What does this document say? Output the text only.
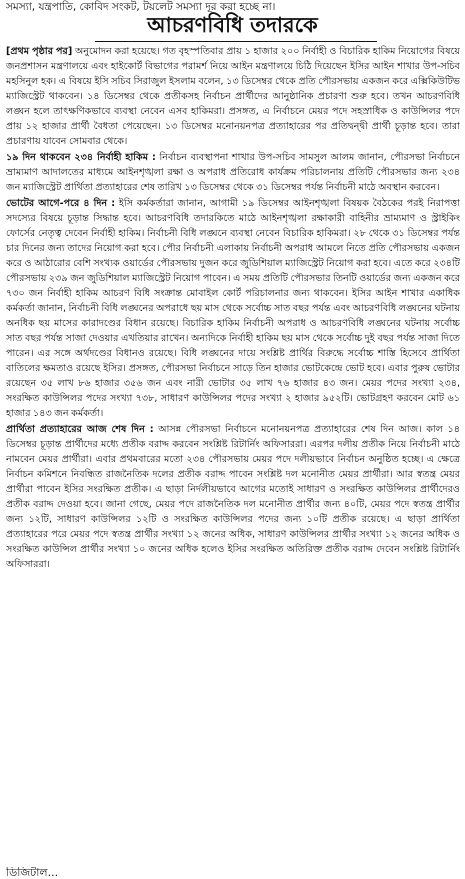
সমস্যা, যন্ত্রপাতি, কোবিদ সংকট, টয়লেট সমস্যা দূর করা হচ্ছে না।
আচরণবিধি তদারকে

[প্রথম পৃষ্ঠার পর] অনুমোদন করা হয়েছে। গত বৃহস্পতিবার প্রায় ১ হাজার ২০০ নির্বাহী ও বিচারিক হাকিম নিয়োগের বিষয়ে জনপ্রশাসন মন্ত্রণালয়ে এবং হাইকোর্ট বিভাগের পরামর্শ নিয়ে আইন মন্ত্রণালয়ে চিঠি দিয়েছেন ইসির আইন শাখার উপ-সচিব মহসিনুল হক। এ বিষয়ে ইসি সচিব সিরাজুল ইসলাম বলেন, ১৩ ডিসেম্বর থেকে প্রতি পৌরসভায় একজন করে এক্সিকিউটিভ ম্যাজিস্ট্রেট থাকবেন। ১৪ ডিসেম্বর থেকে প্রতীকসহ নির্বাচন প্রার্থীদের আনুষ্ঠানিক প্রচারণা শুরু হবে। তখন আচরণবিধি লঙ্ঘন হলে তাৎক্ষণিকভাবে ব্যবস্থা নেবেন এসব হাকিমরা। প্রসঙ্গত, এ নির্বাচনে মেয়র পদে সহস্রাধিক ও কাউন্সিলর পদে প্রায় ১২ হাজার প্রার্থী বৈধতা পেয়েছেন। ১৩ ডিসেম্বর মনোনয়নপত্র প্রত্যাহারের পর প্রতিদ্বন্দ্বী প্রার্থী চূড়ান্ত হবে। তারা প্রচারণায় যাবেন সোমবার থেকে।

১৯ দিন থাকবেন ২৩৪ নির্বাহী হাকিম : নির্বাচন ব্যবস্থাপনা শাখার উপ-সচিব সামসুল আলম জানান, পৌরসভা নির্বাচনে ভ্রাম্যমাণ আদালতের মাধ্যমে আইনশৃঙ্খলা রক্ষা ও অপরাধ প্রতিরোধ কার্যক্রম পরিচালনায় প্রতিটি পৌরসভার জন্য ২৩৪ জন ম্যাজিস্ট্রেট প্রার্থিতা প্রত্যাহারের শেষ তারিখ ১৩ ডিসেম্বর থেকে ৩১ ডিসেম্বর পর্যন্ত নির্বাচনী মাঠে অবস্থান করবেন।

ভোটের আগে-পরে ৪ দিন : ইসি কর্মকর্তারা জানান, আগামী ১৯ ডিসেম্বর আইনশৃঙ্খলা বিষয়ক বৈঠকের পরই নিরাপত্তা সদস্যের বিষয়ে চূড়ান্ত সিদ্ধান্ত হবে। আচরণবিধি তদারকিতে মাঠে আইনশৃঙ্খলা রক্ষাকারী বাহিনীর ভ্রাম্যমাণ ও স্ট্রাইকিং ফোর্সের নেতৃত্ব দেবেন নির্বাহী হাকিম। নির্বাচনী বিধি লঙ্ঘনে ব্যবস্থা নেবেন বিচারিক হাকিমরা। ২৮ থেকে ৩১ ডিসেম্বর পর্যন্ত চার দিনের জন্য তাদের নিয়োগ করা হবে। পৌর নির্বাচনী এলাকায় নির্বাচনী অপরাধ আমলে নিতে প্রতি পৌরসভায় একজন করে ও আঠারোর বেশি সংখ্যক ওয়ার্ডের পৌরসভায় দুজন করে জুডিশিয়াল ম্যাজিস্ট্রেট নিয়োগ করা হবে। এতে করে ২৩৪টি পৌরসভায় ২৩৯ জন জুডিশিয়াল ম্যাজিস্ট্রেট নিয়োগ পাবেন। এ সময় প্রতিটি পৌরসভার তিনটি ওয়ার্ডের জন্য একজন করে ৭৩০ জন নির্বাহী হাকিম আচরণ বিধি সংক্রান্ত মোবাইল কোর্ট পরিচালনার জন্য থাকবেন। ইসির আইন শাখার একাধিক কর্মকর্তা জানান, নির্বাচনী বিধি লঙ্ঘনের অপরাধে ছয় মাস থেকে সর্বোচ্চ সাত বছর পর্যন্ত এবং আচরণবিধি লঙ্ঘনের ঘটনায় অনধিক ছয় মাসের কারাদণ্ডের বিধান রয়েছে। বিচারিক হাকিম নির্বাচনী অপরাধ ও আচরণবিধি লঙ্ঘনের ঘটনায় সর্বোচ্চ সাত বছর পর্যন্ত সাজা দেওয়ার এখতিয়ার রাখেন। অন্যদিকে নির্বাহী হাকিম ছয় মাস থেকে সর্বোচ্চ দুই বছর পর্যন্ত সাজা দিতে পারেন। এর সঙ্গে অর্থদণ্ডের বিধানও রয়েছে। বিধি লঙ্ঘনের দায়ে সংশ্লিষ্ট প্রার্থির বিরুদ্ধে সর্বোচ্চ শাস্তি হিসেবে প্রার্থিতা বাতিলের ক্ষমতাও রয়েছে ইসির। প্রসঙ্গত, পৌরসভা নির্বাচনে সাড়ে তিন হাজার ভোটকেন্দ্রে ভোট হবে। এবার পুরুষ ভোটার রয়েছেন ৩৫ লাখ ৮৬ হাজার ৩৫৬ জন এবং নারী ভোটার ৩৫ লাখ ৭৬ হাজার ৪৩ জন। মেয়র পদের সংখ্যা ২৩৪, সংরক্ষিত কাউন্সিলর পদের সংখ্যা ৭৩৮, সাধারণ কাউন্সিলর পদের সংখ্যা ২ হাজার ৯৫২টি। ভোটগ্রহণ করবেন মোট ৬১ হাজার ১৪৩ জন কর্মকর্তা।

প্রার্থিতা প্রত্যাহারের আজ শেষ দিন : আসন্ন পৌরসভা নির্বাচনে মনোনয়নপত্র প্রত্যাহারের শেষ দিন আজ। কাল ১৪ ডিসেম্বর চূড়ান্ত প্রার্থীদের মধ্যে প্রতীক বরাদ্দ করবেন সংশ্লিষ্ট রিটার্নিং অফিসাররা। এরপর দলীয় প্রতীক নিয়ে নির্বাচনী মাঠে নামবেন মেয়র প্রার্থীরা। এবার প্রথমবারের মতো ২৩৪ পৌরসভায় মেয়র পদে দলীয়ভাবে নির্বাচন অনুষ্ঠিত হচ্ছে। এ ক্ষেত্রে নির্বাচন কমিশনে নিবন্ধিত রাজনৈতিক দলের প্রতীক বরাদ্দ পাবেন সংশ্লিষ্ট দল মনোনীত মেয়র প্রার্থীরা। আর স্বতন্ত্র মেয়র প্রার্থীরা পাবেন ইসির সংরক্ষিত প্রতীক। এ ছাড়া নির্দলীয়ভাবে আগের মতোই সাধারণ ও সংরক্ষিত কাউন্সিলর প্রার্থীদেরও প্রতীক বরাদ্দ দেওয়া হবে। জানা গেছে, মেয়র পদে রাজনৈতিক দল মনোনীত প্রার্থীর জন্য ৪০টি, মেয়র পদে স্বতন্ত্র প্রার্থীর জন্য ১২টি, সাধারণ কাউন্সিলর ১২টি ও সংরক্ষিত কাউন্সিলর পদের জন্য ১০টি প্রতীক রয়েছে। এ ছাড়া প্রার্থিতা প্রত্যাহারের পরে মেয়র পদে স্বতন্ত্র প্রার্থীর সংখ্যা ১২ জনের অধিক, সাধারণ কাউন্সিলর প্রার্থীর সংখ্যা ১২ জনের অধিক ও সংরক্ষিত কাউন্সিল প্রার্থীর সংখ্যা ১০ জনের অধিক হলেও ইসির সংরক্ষিত অতিরিক্ত প্রতীক বরাদ্দ দেবেন সংশ্লিষ্ট রিটার্নিং অফিসাররা।

ডিজিটাল...
